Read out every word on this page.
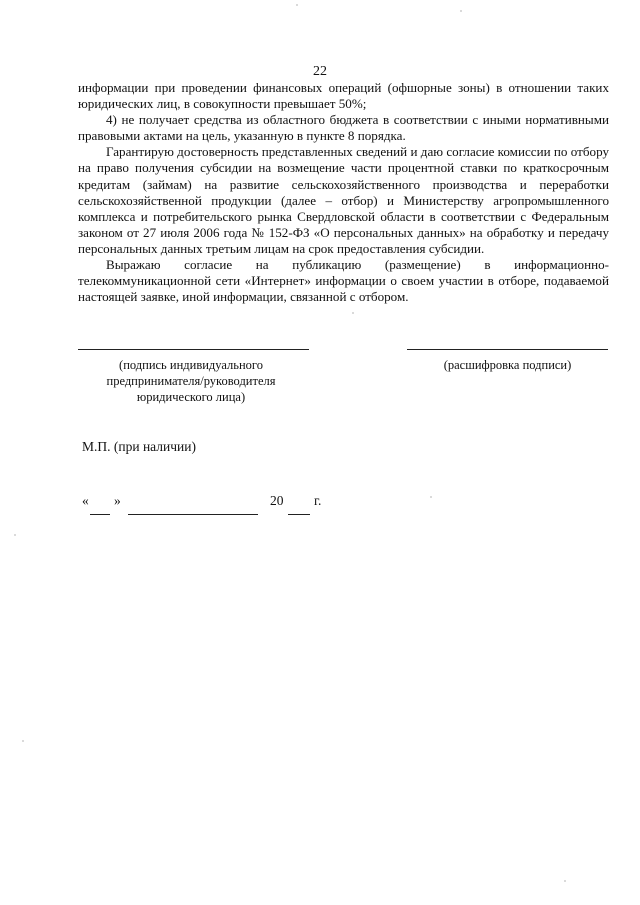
22

информации при проведении финансовых операций (офшорные зоны) в отношении таких юридических лиц, в совокупности превышает 50%;

4) не получает средства из областного бюджета в соответствии с иными нормативными правовыми актами на цель, указанную в пункте 8 порядка.

Гарантирую достоверность представленных сведений и даю согласие комиссии по отбору на право получения субсидии на возмещение части процентной ставки по краткосрочным кредитам (займам) на развитие сельскохозяйственного производства и переработки сельскохозяйственной продукции (далее – отбор) и Министерству агропромышленного комплекса и потребительского рынка Свердловской области в соответствии с Федеральным законом от 27 июля 2006 года № 152-ФЗ «О персональных данных» на обработку и передачу персональных данных третьим лицам на срок предоставления субсидии.

Выражаю согласие на публикацию (размещение) в информационно-телекоммуникационной сети «Интернет» информации о своем участии в отборе, подаваемой настоящей заявке, иной информации, связанной с отбором.

(подпись индивидуального предпринимателя/руководителя юридического лица)
(расшифровка подписи)
М.П. (при наличии)
« »	20 г.
